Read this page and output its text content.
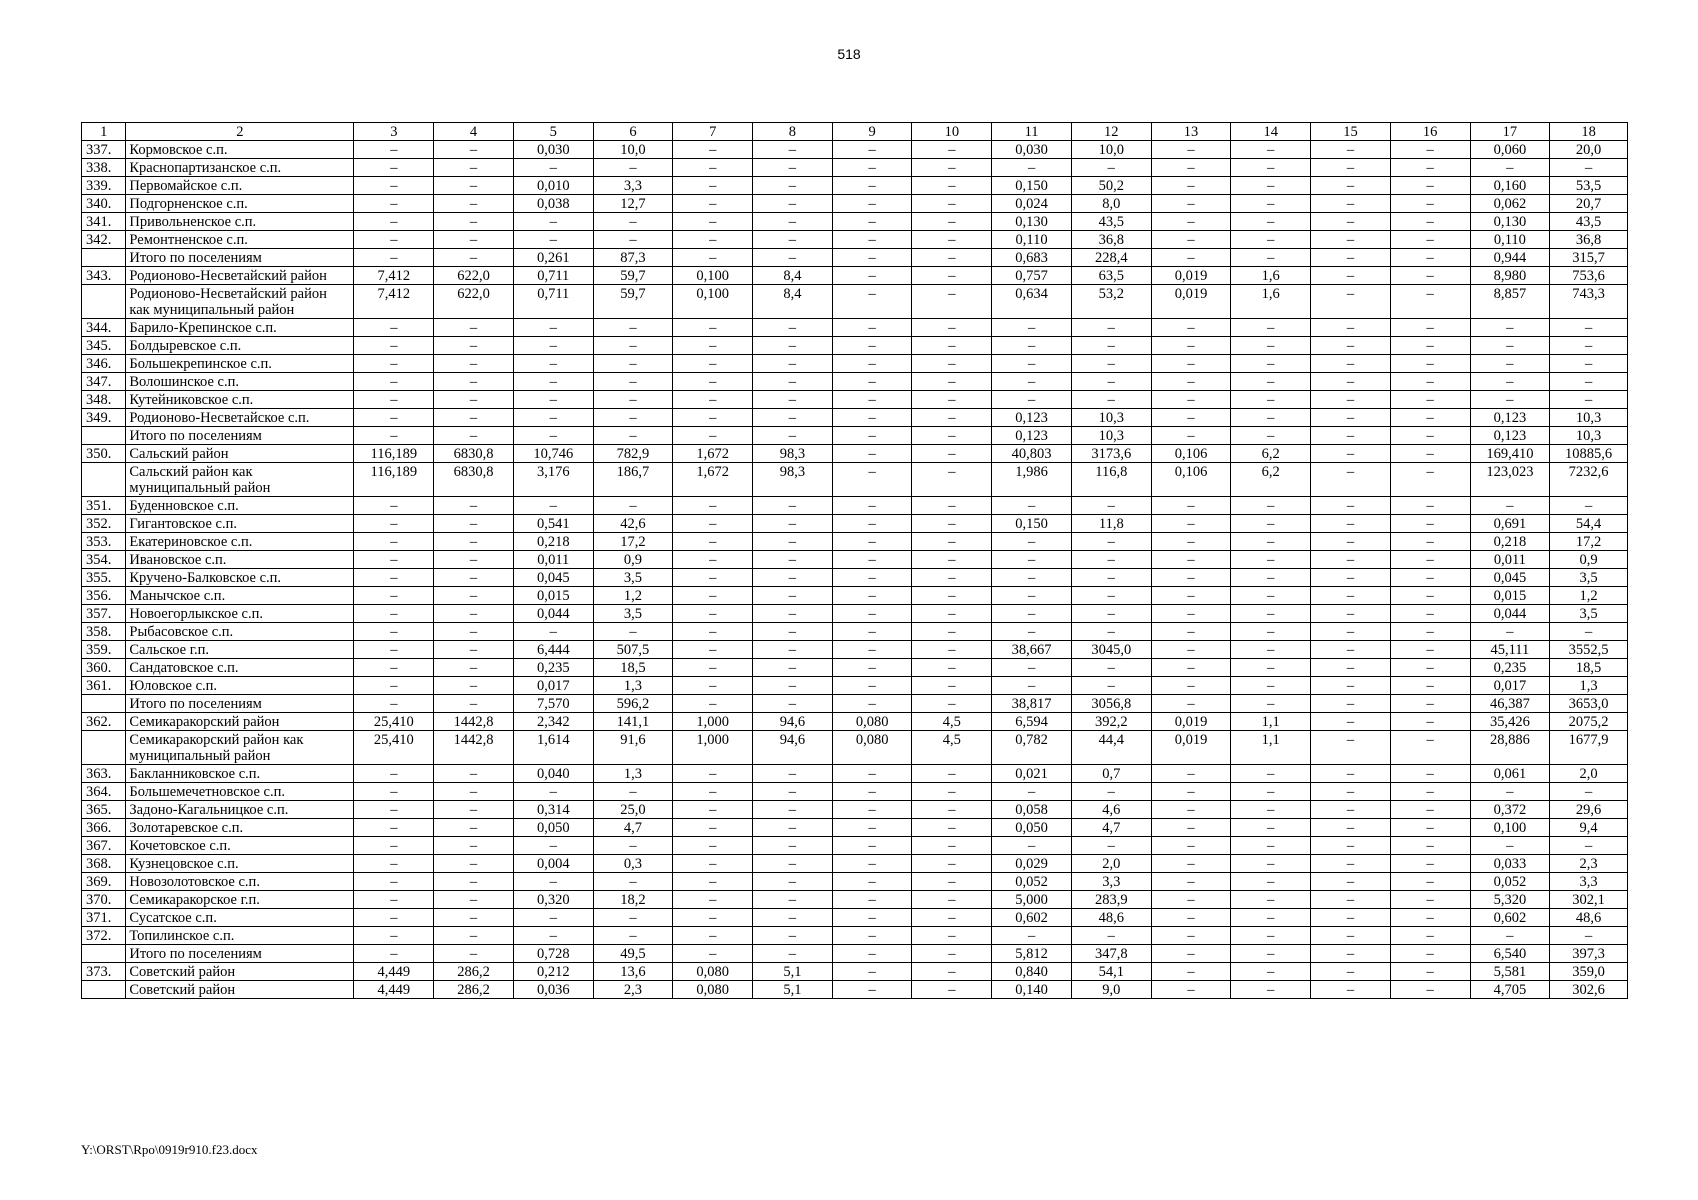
518
1	2	3	4	5	6	7	8	9	10	11	12	13	14	15	16	17	18
337.	Кормовское с.п.	–	–	0,030	10,0	–	–	–	–	0,030	10,0	–	–	–	–	0,060	20,0
338.	Краснопартизанское с.п.	–	–	–	–	–	–	–	–	–	–	–	–	–	–	–	–
339.	Первомайское с.п.	–	–	0,010	3,3	–	–	–	–	0,150	50,2	–	–	–	–	0,160	53,5
340.	Подгорненское с.п.	–	–	0,038	12,7	–	–	–	–	0,024	8,0	–	–	–	–	0,062	20,7
341.	Привольненское с.п.	–	–	–	–	–	–	–	–	0,130	43,5	–	–	–	–	0,130	43,5
342.	Ремонтненское с.п.	–	–	–	–	–	–	–	–	0,110	36,8	–	–	–	–	0,110	36,8
	Итого по поселениям	–	–	0,261	87,3	–	–	–	–	0,683	228,4	–	–	–	–	0,944	315,7
343.	Родионово-Несветайский район	7,412	622,0	0,711	59,7	0,100	8,4	–	–	0,757	63,5	0,019	1,6	–	–	8,980	753,6
	Родионово-Несветайский район как муниципальный район	7,412	622,0	0,711	59,7	0,100	8,4	–	–	0,634	53,2	0,019	1,6	–	–	8,857	743,3
344.	Барило-Крепинское с.п.	–	–	–	–	–	–	–	–	–	–	–	–	–	–	–	–
345.	Болдыревское с.п.	–	–	–	–	–	–	–	–	–	–	–	–	–	–	–	–
346.	Большекрепинское с.п.	–	–	–	–	–	–	–	–	–	–	–	–	–	–	–	–
347.	Волошинское с.п.	–	–	–	–	–	–	–	–	–	–	–	–	–	–	–	–
348.	Кутейниковское с.п.	–	–	–	–	–	–	–	–	–	–	–	–	–	–	–	–
349.	Родионово-Несветайское с.п.	–	–	–	–	–	–	–	–	0,123	10,3	–	–	–	–	0,123	10,3
	Итого по поселениям	–	–	–	–	–	–	–	–	0,123	10,3	–	–	–	–	0,123	10,3
350.	Сальский район	116,189	6830,8	10,746	782,9	1,672	98,3	–	–	40,803	3173,6	0,106	6,2	–	–	169,410	10885,6
	Сальский район как муниципальный район	116,189	6830,8	3,176	186,7	1,672	98,3	–	–	1,986	116,8	0,106	6,2	–	–	123,023	7232,6
351.	Буденновское с.п.	–	–	–	–	–	–	–	–	–	–	–	–	–	–	–	–
352.	Гигантовское с.п.	–	–	0,541	42,6	–	–	–	–	0,150	11,8	–	–	–	–	0,691	54,4
353.	Екатериновское с.п.	–	–	0,218	17,2	–	–	–	–	–	–	–	–	–	–	0,218	17,2
354.	Ивановское с.п.	–	–	0,011	0,9	–	–	–	–	–	–	–	–	–	–	0,011	0,9
355.	Кручено-Балковское с.п.	–	–	0,045	3,5	–	–	–	–	–	–	–	–	–	–	0,045	3,5
356.	Манычское с.п.	–	–	0,015	1,2	–	–	–	–	–	–	–	–	–	–	0,015	1,2
357.	Новоегорлыкское с.п.	–	–	0,044	3,5	–	–	–	–	–	–	–	–	–	–	0,044	3,5
358.	Рыбасовское с.п.	–	–	–	–	–	–	–	–	–	–	–	–	–	–	–	–
359.	Сальское г.п.	–	–	6,444	507,5	–	–	–	–	38,667	3045,0	–	–	–	–	45,111	3552,5
360.	Сандатовское с.п.	–	–	0,235	18,5	–	–	–	–	–	–	–	–	–	–	0,235	18,5
361.	Юловское с.п.	–	–	0,017	1,3	–	–	–	–	–	–	–	–	–	–	0,017	1,3
	Итого по поселениям	–	–	7,570	596,2	–	–	–	–	38,817	3056,8	–	–	–	–	46,387	3653,0
362.	Семикаракорский район	25,410	1442,8	2,342	141,1	1,000	94,6	0,080	4,5	6,594	392,2	0,019	1,1	–	–	35,426	2075,2
	Семикаракорский район как муниципальный район	25,410	1442,8	1,614	91,6	1,000	94,6	0,080	4,5	0,782	44,4	0,019	1,1	–	–	28,886	1677,9
363.	Бакланниковское с.п.	–	–	0,040	1,3	–	–	–	–	0,021	0,7	–	–	–	–	0,061	2,0
364.	Большемечетновское с.п.	–	–	–	–	–	–	–	–	–	–	–	–	–	–	–	–
365.	Задоно-Кагальницкое с.п.	–	–	0,314	25,0	–	–	–	–	0,058	4,6	–	–	–	–	0,372	29,6
366.	Золотаревское с.п.	–	–	0,050	4,7	–	–	–	–	0,050	4,7	–	–	–	–	0,100	9,4
367.	Кочетовское с.п.	–	–	–	–	–	–	–	–	–	–	–	–	–	–	–	–
368.	Кузнецовское с.п.	–	–	0,004	0,3	–	–	–	–	0,029	2,0	–	–	–	–	0,033	2,3
369.	Новозолотовское с.п.	–	–	–	–	–	–	–	–	0,052	3,3	–	–	–	–	0,052	3,3
370.	Семикаракорское г.п.	–	–	0,320	18,2	–	–	–	–	5,000	283,9	–	–	–	–	5,320	302,1
371.	Сусатское с.п.	–	–	–	–	–	–	–	–	0,602	48,6	–	–	–	–	0,602	48,6
372.	Топилинское с.п.	–	–	–	–	–	–	–	–	–	–	–	–	–	–	–	–
	Итого по поселениям	–	–	0,728	49,5	–	–	–	–	5,812	347,8	–	–	–	–	6,540	397,3
373.	Советский район	4,449	286,2	0,212	13,6	0,080	5,1	–	–	0,840	54,1	–	–	–	–	5,581	359,0
	Советский район	4,449	286,2	0,036	2,3	0,080	5,1	–	–	0,140	9,0	–	–	–	–	4,705	302,6
Y:\ORST\Rpo\0919r910.f23.docx
